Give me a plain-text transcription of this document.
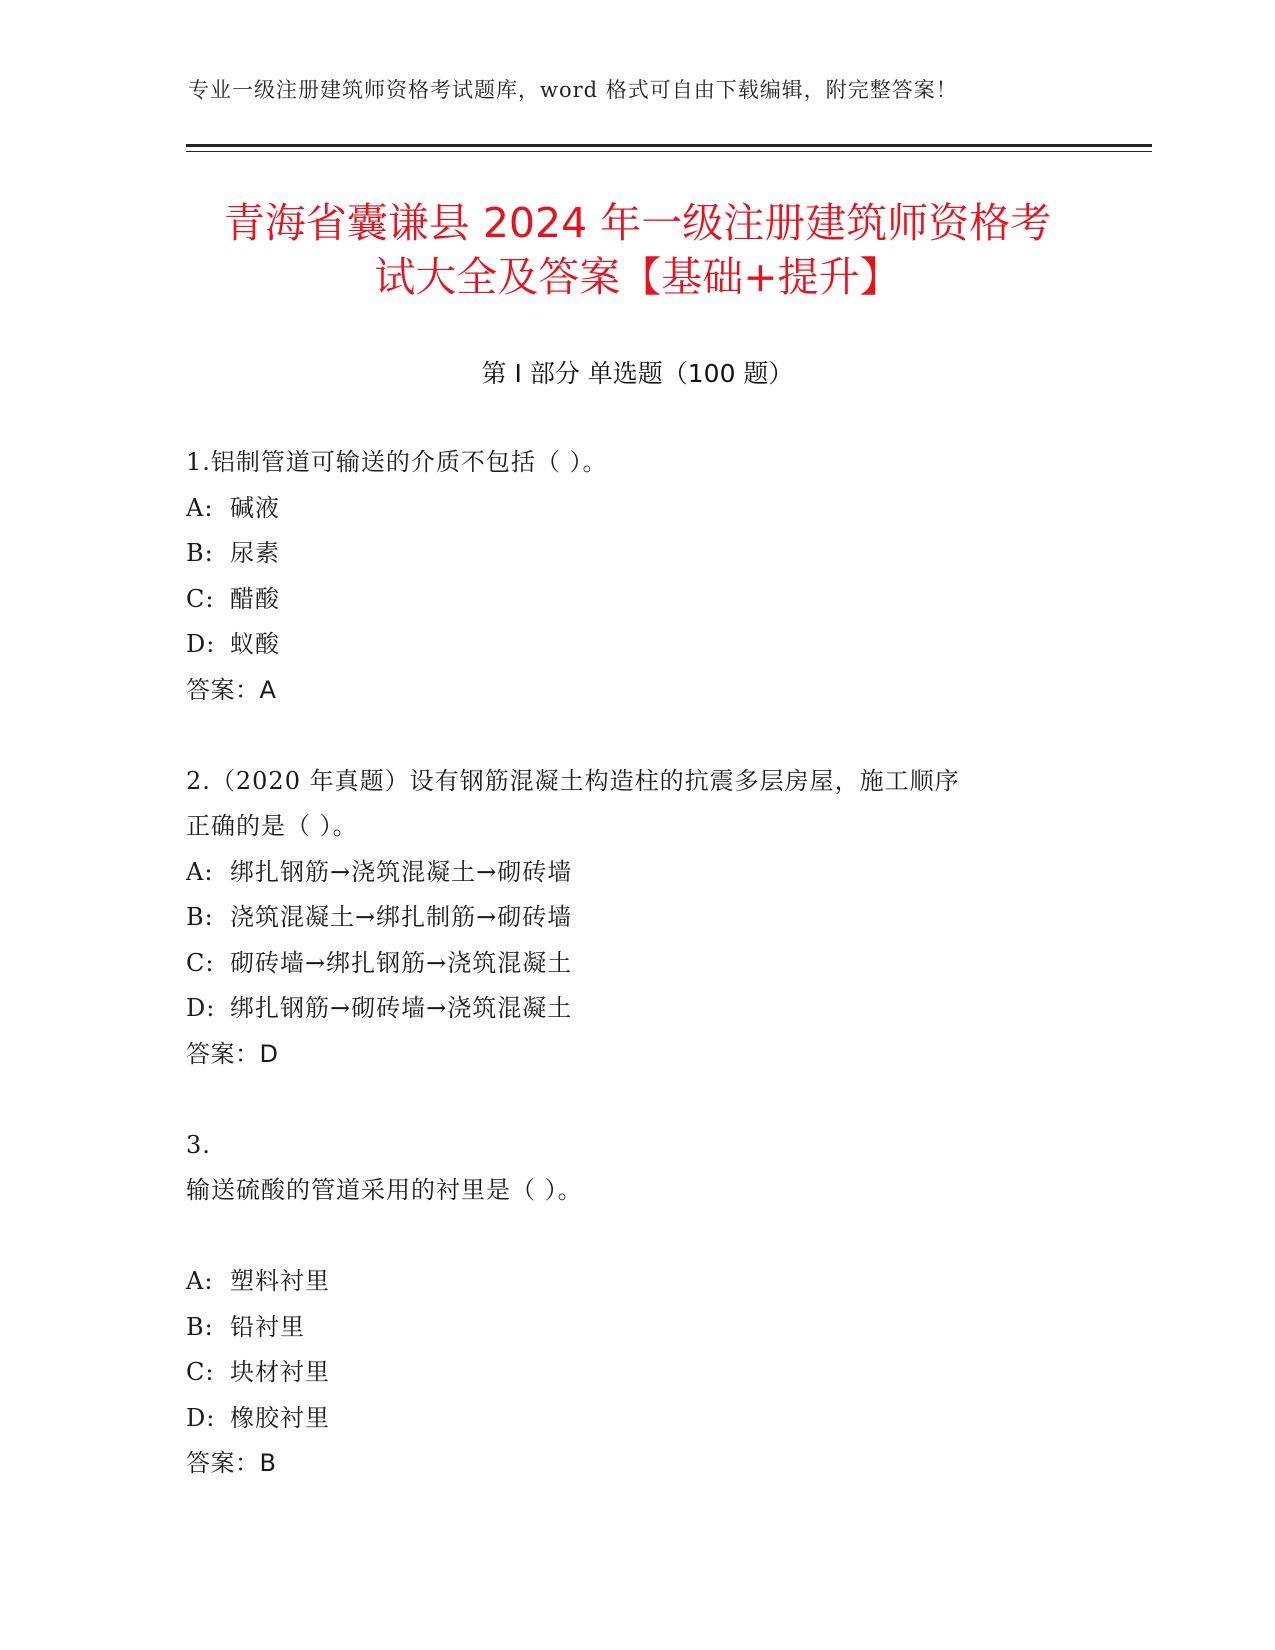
专业一级注册建筑师资格考试题库，word 格式可自由下载编辑，附完整答案！
青海省囊谦县 2024 年一级注册建筑师资格考
试大全及答案【基础+提升】
第 I 部分 单选题（100 题）
1.铝制管道可输送的介质不包括（ ）。
A: 碱液
B: 尿素
C: 醋酸
D: 蚁酸
答案：A
2.（2020 年真题）设有钢筋混凝土构造柱的抗震多层房屋，施工顺序
正确的是（ ）。
A: 绑扎钢筋→浇筑混凝土→砌砖墙
B: 浇筑混凝土→绑扎制筋→砌砖墙
C: 砌砖墙→绑扎钢筋→浇筑混凝土
D: 绑扎钢筋→砌砖墙→浇筑混凝土
答案：D
3.
输送硫酸的管道采用的衬里是（ ）。
A: 塑料衬里
B: 铅衬里
C: 块材衬里
D: 橡胶衬里
答案：B
